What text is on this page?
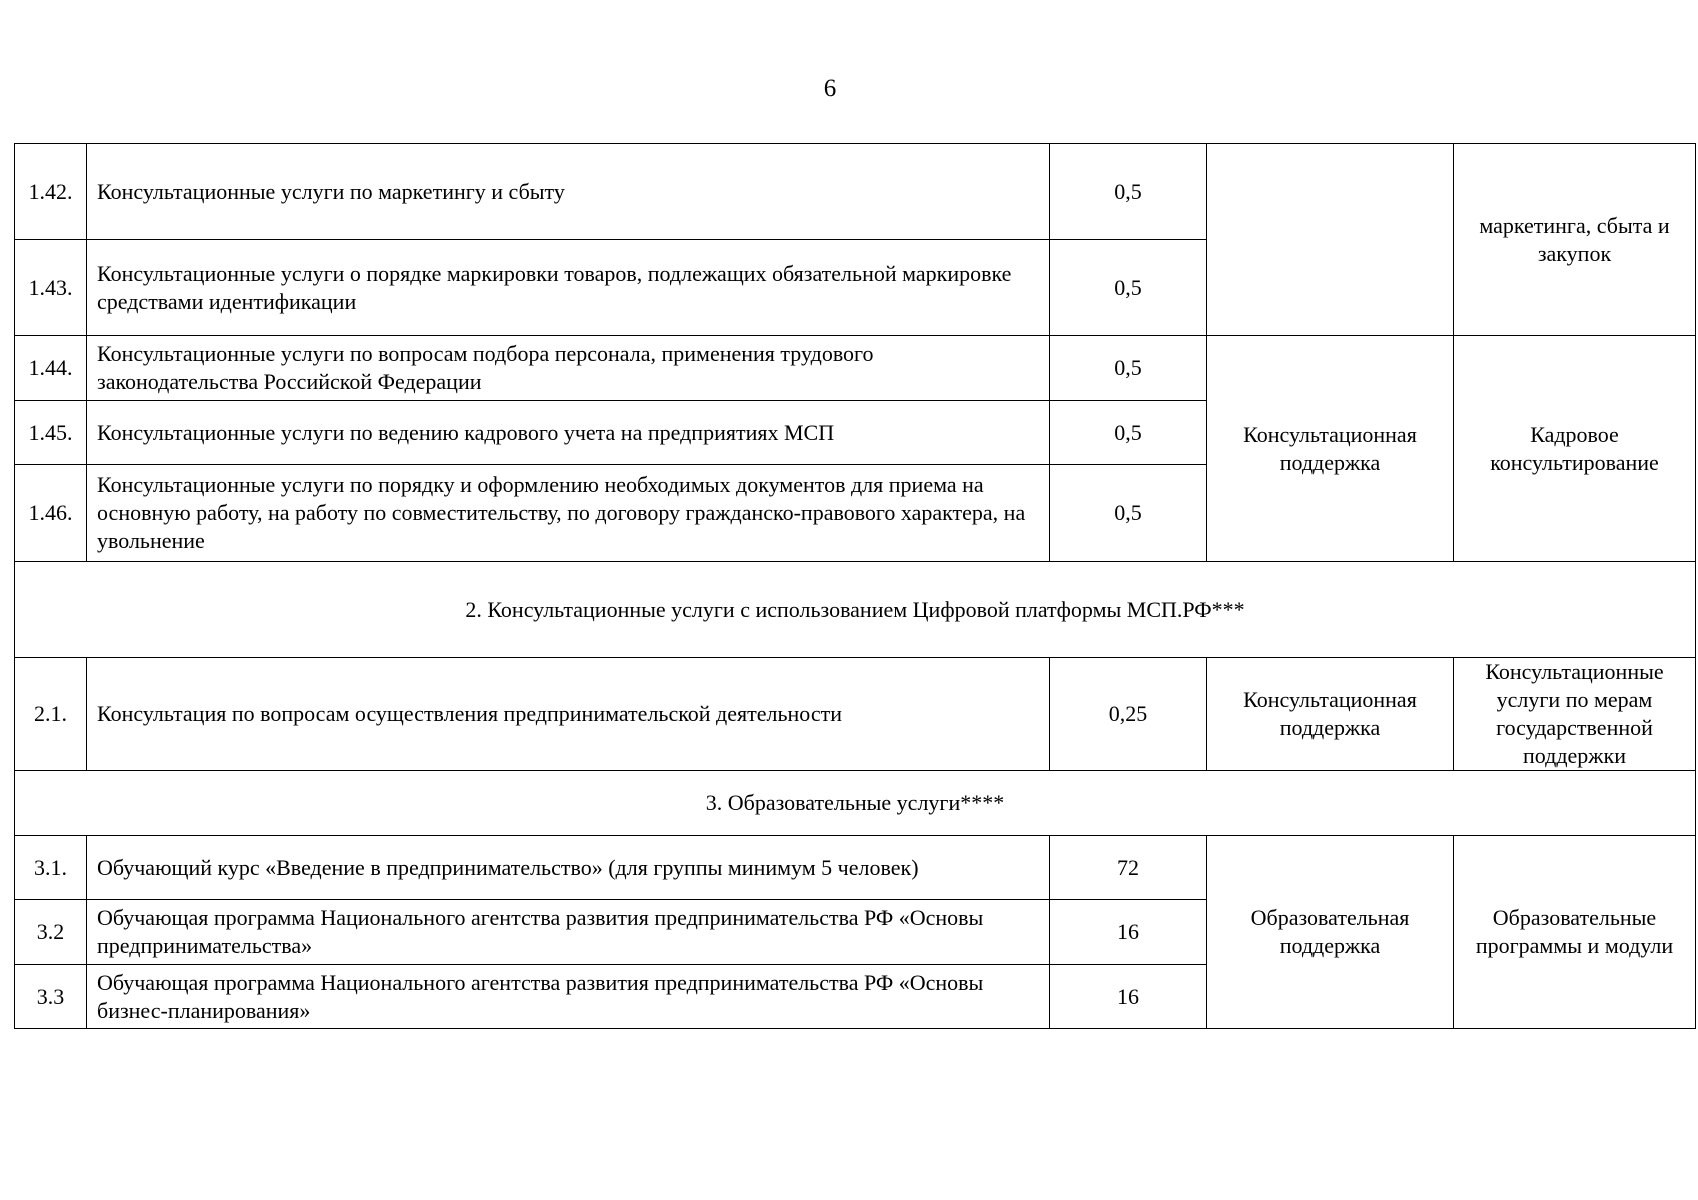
6
1.42.	Консультационные услуги по маркетингу и сбыту	0,5		маркетинга, сбыта и закупок
1.43.	Консультационные услуги о порядке маркировки товаров, подлежащих обязательной маркировке средствами идентификации	0,5		
1.44.	Консультационные услуги по вопросам подбора персонала, применения трудового законодательства Российской Федерации	0,5	Консультационная поддержка	Кадровое консультирование
1.45.	Консультационные услуги по ведению кадрового учета на предприятиях МСП	0,5		
1.46.	Консультационные услуги по порядку и оформлению необходимых документов для приема на основную работу, на работу по совместительству, по договору гражданско-правового характера, на увольнение	0,5		
2. Консультационные услуги с использованием Цифровой платформы МСП.РФ***				
2.1.	Консультация по вопросам осуществления предпринимательской деятельности	0,25	Консультационная поддержка	Консультационные услуги по мерам государственной поддержки
3. Образовательные услуги****				
3.1.	Обучающий курс «Введение в предпринимательство» (для группы минимум 5 человек)	72	Образовательная поддержка	Образовательные программы и модули
3.2	Обучающая программа Национального агентства развития предпринимательства РФ «Основы предпринимательства»	16		
3.3	Обучающая программа Национального агентства развития предпринимательства РФ «Основы бизнес-планирования»	16		
